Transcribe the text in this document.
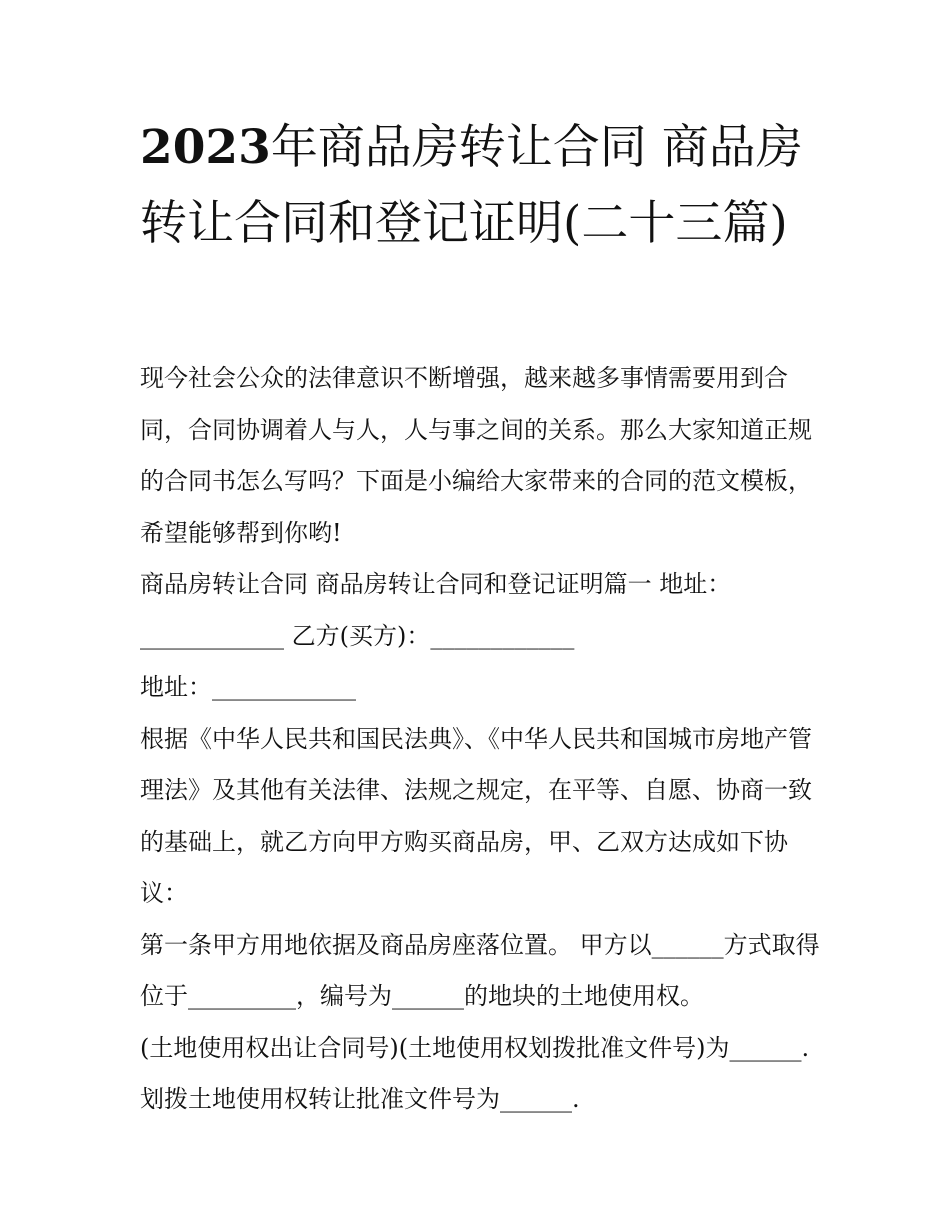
2023年商品房转让合同 商品房转让合同和登记证明(二十三篇)

现今社会公众的法律意识不断增强，越来越多事情需要用到合同，合同协调着人与人，人与事之间的关系。那么大家知道正规的合同书怎么写吗？下面是小编给大家带来的合同的范文模板，希望能够帮到你哟!

商品房转让合同 商品房转让合同和登记证明篇一 地址：

____________ 乙方(买方)：____________

地址：____________

根据《中华人民共和国民法典》、《中华人民共和国城市房地产管理法》及其他有关法律、法规之规定，在平等、自愿、协商一致的基础上，就乙方向甲方购买商品房，甲、乙双方达成如下协议：

第一条甲方用地依据及商品房座落位置。 甲方以______方式取得位于_________，编号为______的地块的土地使用权。

(土地使用权出让合同号)(土地使用权划拨批准文件号)为______. 划拨土地使用权转让批准文件号为______.
